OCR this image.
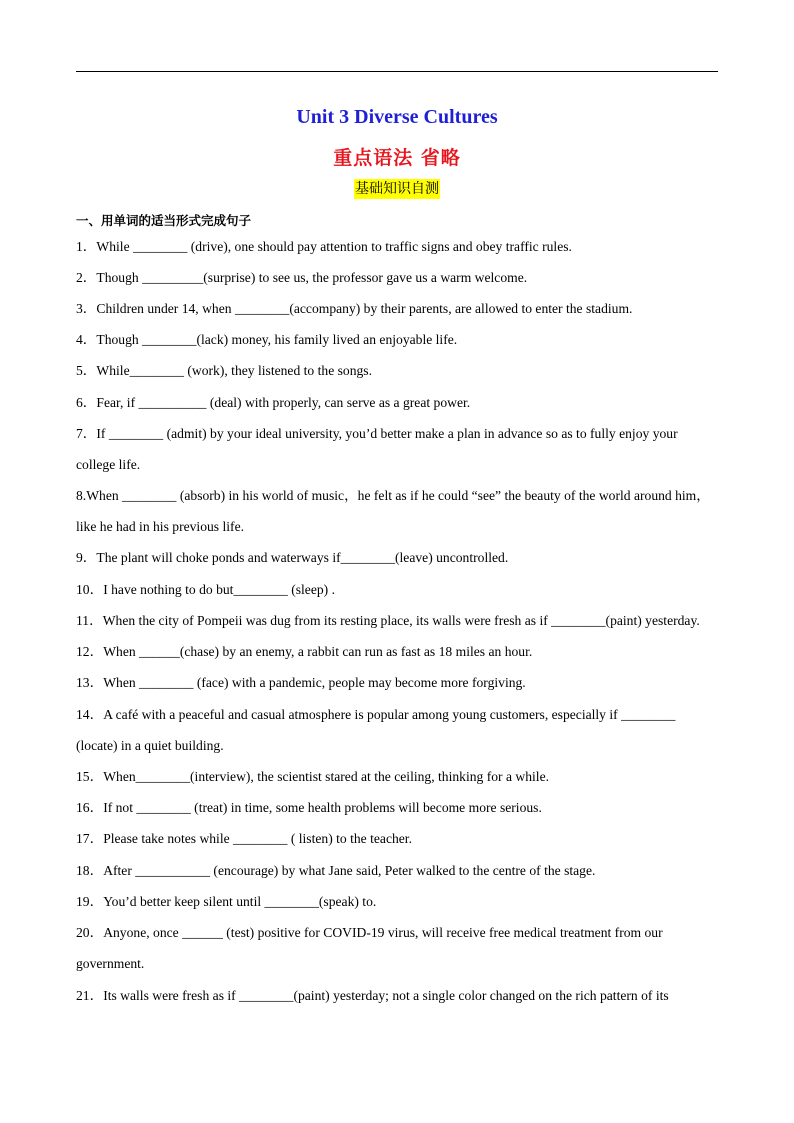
Unit 3 Diverse Cultures
重点语法 省略
基础知识自测
一、用单词的适当形式完成句子
1．While ________ (drive), one should pay attention to traffic signs and obey traffic rules.
2．Though _________(surprise) to see us, the professor gave us a warm welcome.
3．Children under 14, when ________(accompany) by their parents, are allowed to enter the stadium.
4．Though ________(lack) money, his family lived an enjoyable life.
5．While________ (work), they listened to the songs.
6．Fear, if __________ (deal) with properly, can serve as a great power.
7．If ________ (admit) by your ideal university, you’d better make a plan in advance so as to fully enjoy your
college life.
8.When ________ (absorb) in his world of music，he felt as if he could “see” the beauty of the world around him，
like he had in his previous life.
9．The plant will choke ponds and waterways if________(leave) uncontrolled.
10．I have nothing to do but________ (sleep) .
11．When the city of Pompeii was dug from its resting place, its walls were fresh as if ________(paint) yesterday.
12．When ______(chase) by an enemy, a rabbit can run as fast as 18 miles an hour.
13．When ________ (face) with a pandemic, people may become more forgiving.
14．A café with a peaceful and casual atmosphere is popular among young customers, especially if ________
(locate) in a quiet building.
15．When________(interview), the scientist stared at the ceiling, thinking for a while.
16．If not ________ (treat) in time, some health problems will become more serious.
17．Please take notes while ________ ( listen) to the teacher.
18．After ___________ (encourage) by what Jane said, Peter walked to the centre of the stage.
19．You’d better keep silent until ________(speak) to.
20．Anyone, once ______ (test) positive for COVID-19 virus, will receive free medical treatment from our
government.
21．Its walls were fresh as if ________(paint) yesterday; not a single color changed on the rich pattern of its
